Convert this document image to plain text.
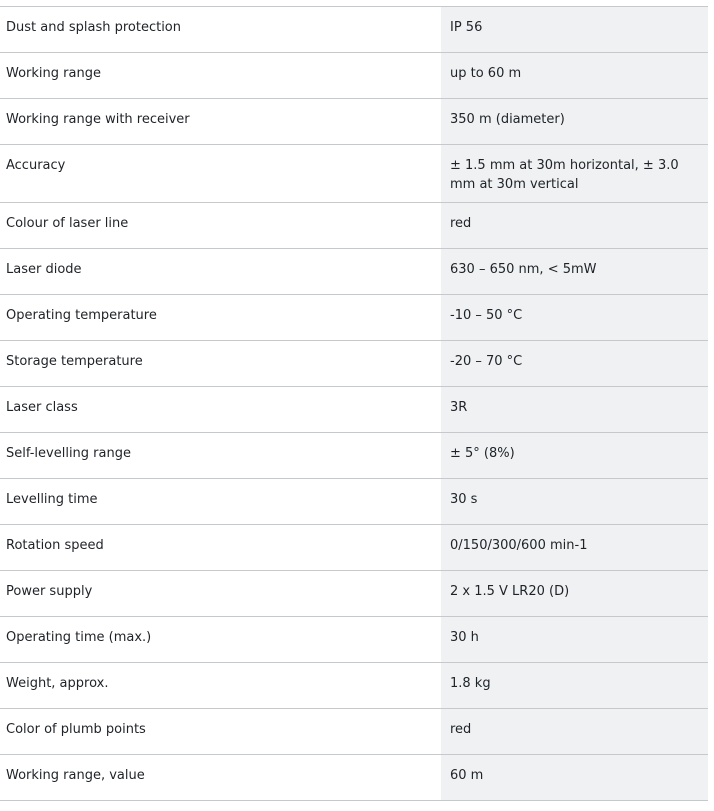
Dust and splash protection	IP 56
Working range	up to 60 m
Working range with receiver	350 m (diameter)
Accuracy	± 1.5 mm at 30m horizontal, ± 3.0 mm at 30m vertical
Colour of laser line	red
Laser diode	630 – 650 nm, < 5mW
Operating temperature	-10 – 50 °C
Storage temperature	-20 – 70 °C
Laser class	3R
Self-levelling range	± 5° (8%)
Levelling time	30 s
Rotation speed	0/150/300/600 min-1
Power supply	2 x 1.5 V LR20 (D)
Operating time (max.)	30 h
Weight, approx.	1.8 kg
Color of plumb points	red
Working range, value	60 m
